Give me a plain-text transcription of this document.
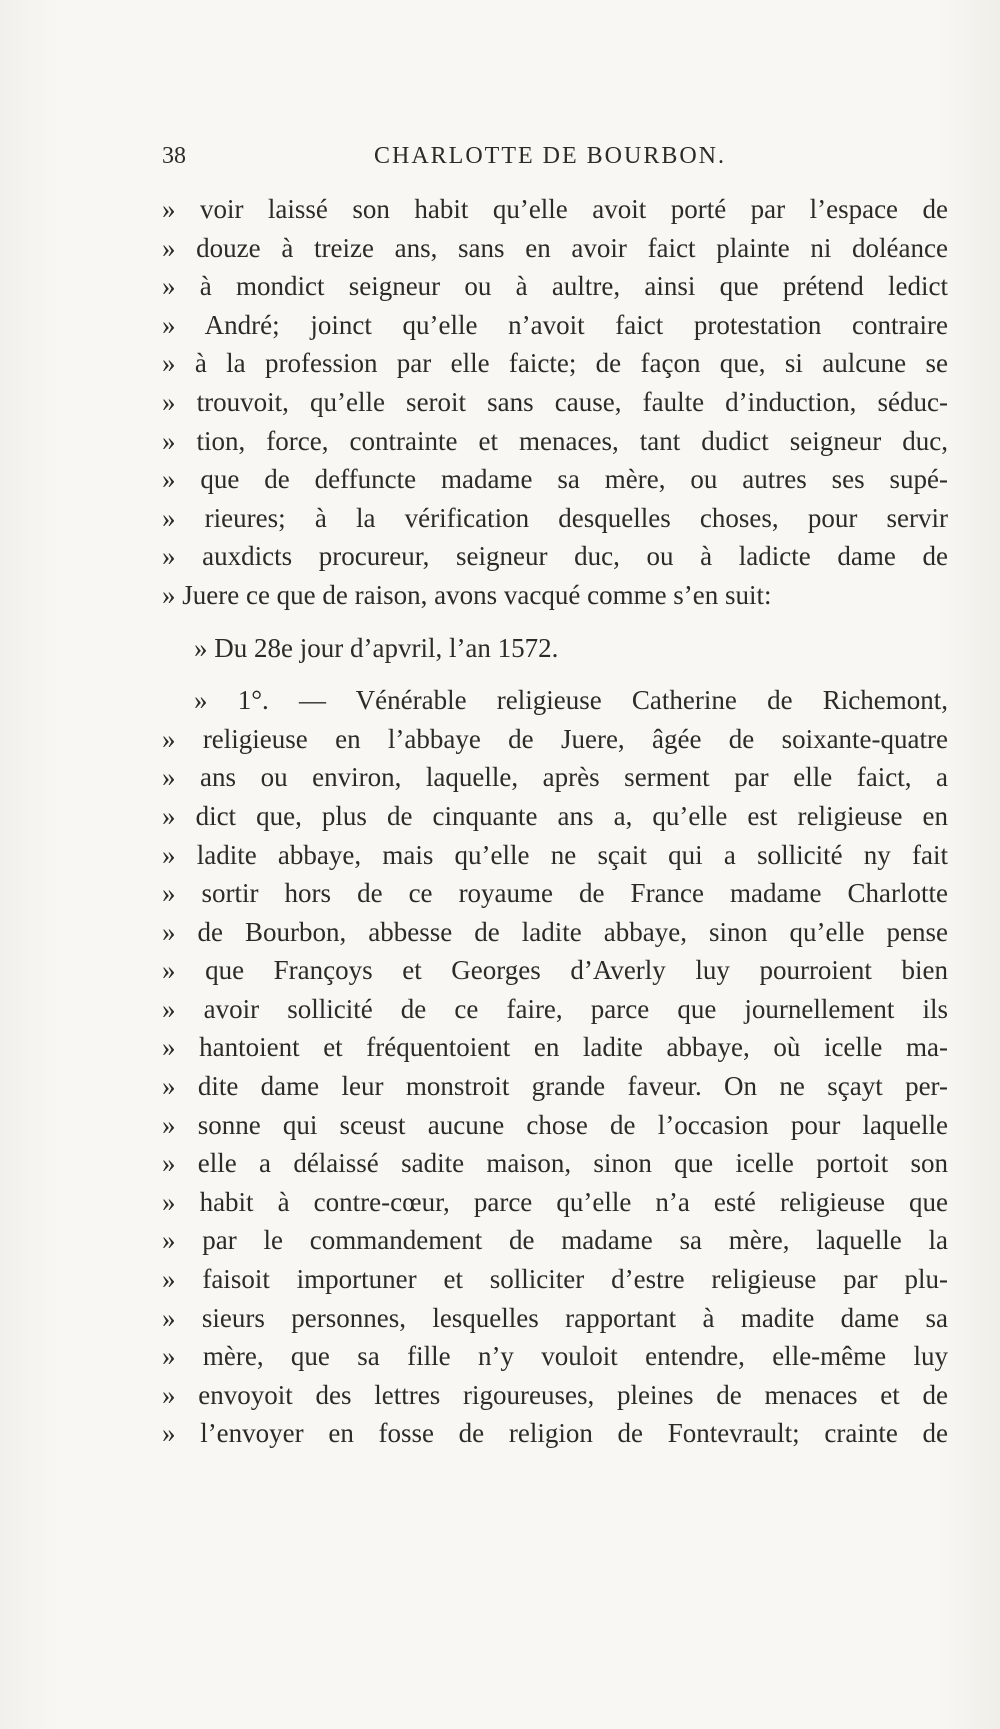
38	CHARLOTTE DE BOURBON.
» voir laissé son habit qu’elle avoit porté par l’espace de
» douze à treize ans, sans en avoir faict plainte ni doléance
» à mondict seigneur ou à aultre, ainsi que prétend ledict
» André; joinct qu’elle n’avoit faict protestation contraire
» à la profession par elle faicte; de façon que, si aulcune se
» trouvoit, qu’elle seroit sans cause, faulte d’induction, séduc-
» tion, force, contrainte et menaces, tant dudict seigneur duc,
» que de deffuncte madame sa mère, ou autres ses supé-
» rieures; à la vérification desquelles choses, pour servir
» auxdicts procureur, seigneur duc, ou à ladicte dame de
» Juere ce que de raison, avons vacqué comme s’en suit:
» Du 28e jour d’apvril, l’an 1572.
» 1°. — Vénérable religieuse Catherine de Richemont,
» religieuse en l’abbaye de Juere, âgée de soixante-quatre
» ans ou environ, laquelle, après serment par elle faict, a
» dict que, plus de cinquante ans a, qu’elle est religieuse en
» ladite abbaye, mais qu’elle ne sçait qui a sollicité ny fait
» sortir hors de ce royaume de France madame Charlotte
» de Bourbon, abbesse de ladite abbaye, sinon qu’elle pense
» que Françoys et Georges d’Averly luy pourroient bien
» avoir sollicité de ce faire, parce que journellement ils
» hantoient et fréquentoient en ladite abbaye, où icelle ma-
» dite dame leur monstroit grande faveur. On ne sçayt per-
» sonne qui sceust aucune chose de l’occasion pour laquelle
» elle a délaissé sadite maison, sinon que icelle portoit son
» habit à contre-cœur, parce qu’elle n’a esté religieuse que
» par le commandement de madame sa mère, laquelle la
» faisoit importuner et solliciter d’estre religieuse par plu-
» sieurs personnes, lesquelles rapportant à madite dame sa
» mère, que sa fille n’y vouloit entendre, elle-même luy
» envoyoit des lettres rigoureuses, pleines de menaces et de
» l’envoyer en fosse de religion de Fontevrault; crainte de
